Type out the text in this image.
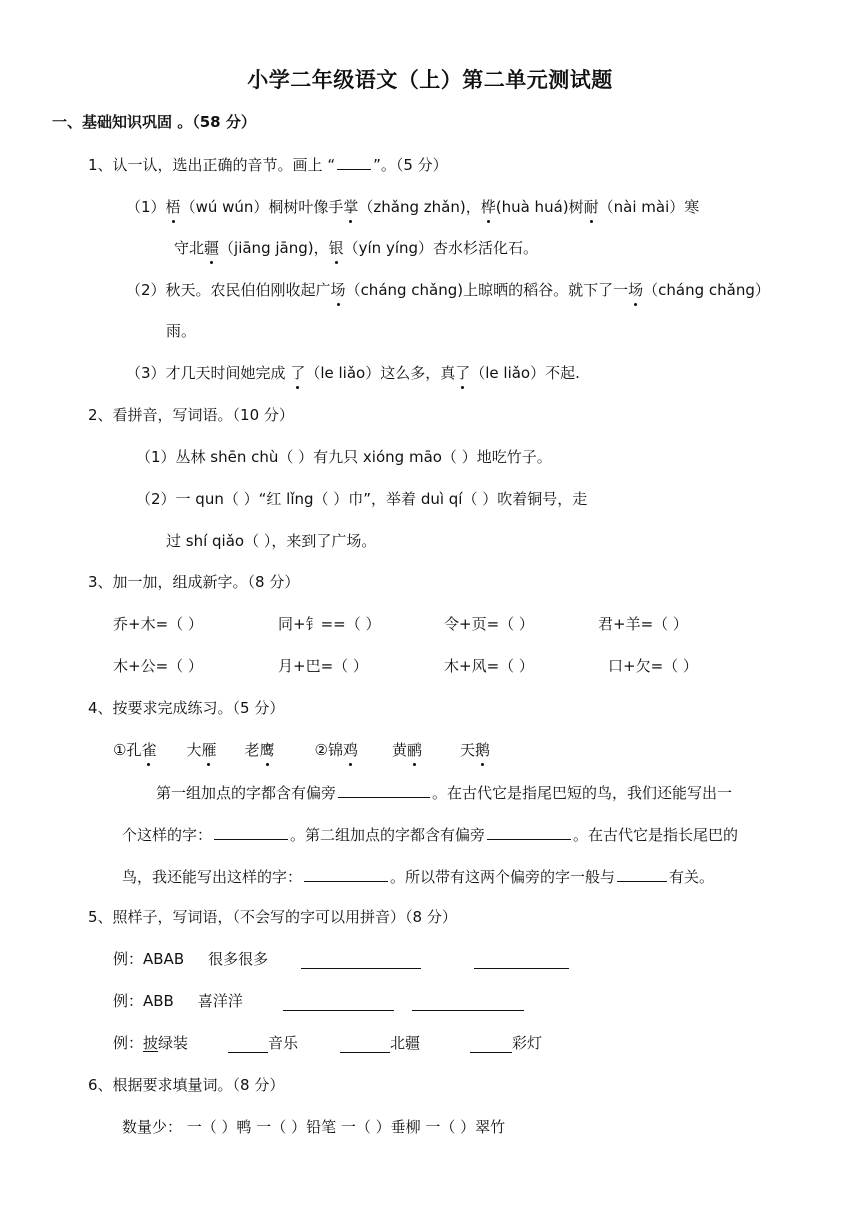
小学二年级语文（上）第二单元测试题
一、基础知识巩固 。（58 分）
1、认一认，选出正确的音节。画上 “	”。（5 分）
（1）梧（wú wún）桐树叶像手掌（zhǎng zhǎn)，桦(huà huá)树耐（nài mài）寒
守北疆（jiāng jāng)，银（yín yíng）杏水杉活化石。
（2）秋天。农民伯伯刚收起广场（cháng chǎng)上晾晒的稻谷。就下了一场（cháng chǎng）
雨。
（3）才几天时间她完成 了（le liǎo）这么多，真了（le liǎo）不起.
2、看拼音，写词语。（10 分）
（1）丛林 shēn chù（ ）有九只 xióng māo（ ）地吃竹子。
（2）一 qun（ ）“红 lǐng（ ）巾”，举着 duì qí（ ）吹着铜号，走
过 shí qiǎo（ ），来到了广场。
3、加一加，组成新字。（8 分）
乔+木=（ ）	同+钅==（ ）	令+页=（ ）	君+羊=（ ）
木+公=（ ）	月+巴=（ ）	木+风=（ ）	口+欠=（ ）
4、按要求完成练习。（5 分）
①孔雀 大雁 老鹰	②锦鸡 黄鹂	天鹅
第一组加点的字都含有偏旁	。在古代它是指尾巴短的鸟，我们还能写出一
个这样的字：	。第二组加点的字都含有偏旁	。在古代它是指长尾巴的
鸟，我还能写出这样的字：	。所以带有这两个偏旁的字一般与	有关。
5、照样子，写词语，（不会写的字可以用拼音）（8 分）
例：ABAB 很多很多
例：ABB 喜洋洋
例：披绿装	音乐	北疆	彩灯
6、根据要求填量词。（8 分）
数量少： 一（ ）鸭 一（ ）铅笔 一（ ）垂柳 一（ ）翠竹
